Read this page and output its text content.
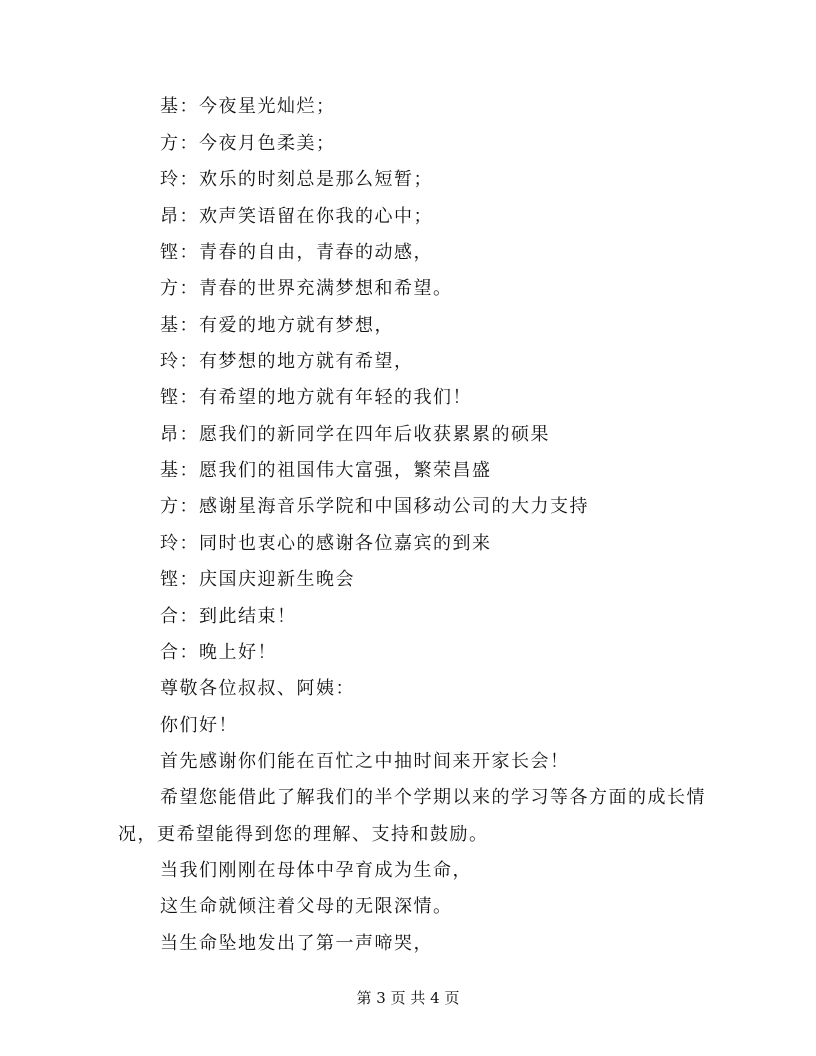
基：今夜星光灿烂；
方：今夜月色柔美；
玲：欢乐的时刻总是那么短暂；
昂：欢声笑语留在你我的心中；
铿：青春的自由，青春的动感，
方：青春的世界充满梦想和希望。
基：有爱的地方就有梦想，
玲：有梦想的地方就有希望，
铿：有希望的地方就有年轻的我们！
昂：愿我们的新同学在四年后收获累累的硕果
基：愿我们的祖国伟大富强，繁荣昌盛
方：感谢星海音乐学院和中国移动公司的大力支持
玲：同时也衷心的感谢各位嘉宾的到来
铿：庆国庆迎新生晚会
合：到此结束！
合：晚上好！
尊敬各位叔叔、阿姨：
你们好！
首先感谢你们能在百忙之中抽时间来开家长会！
希望您能借此了解我们的半个学期以来的学习等各方面的成长情
况，更希望能得到您的理解、支持和鼓励。
当我们刚刚在母体中孕育成为生命，
这生命就倾注着父母的无限深情。
当生命坠地发出了第一声啼哭，
第 3 页 共 4 页
